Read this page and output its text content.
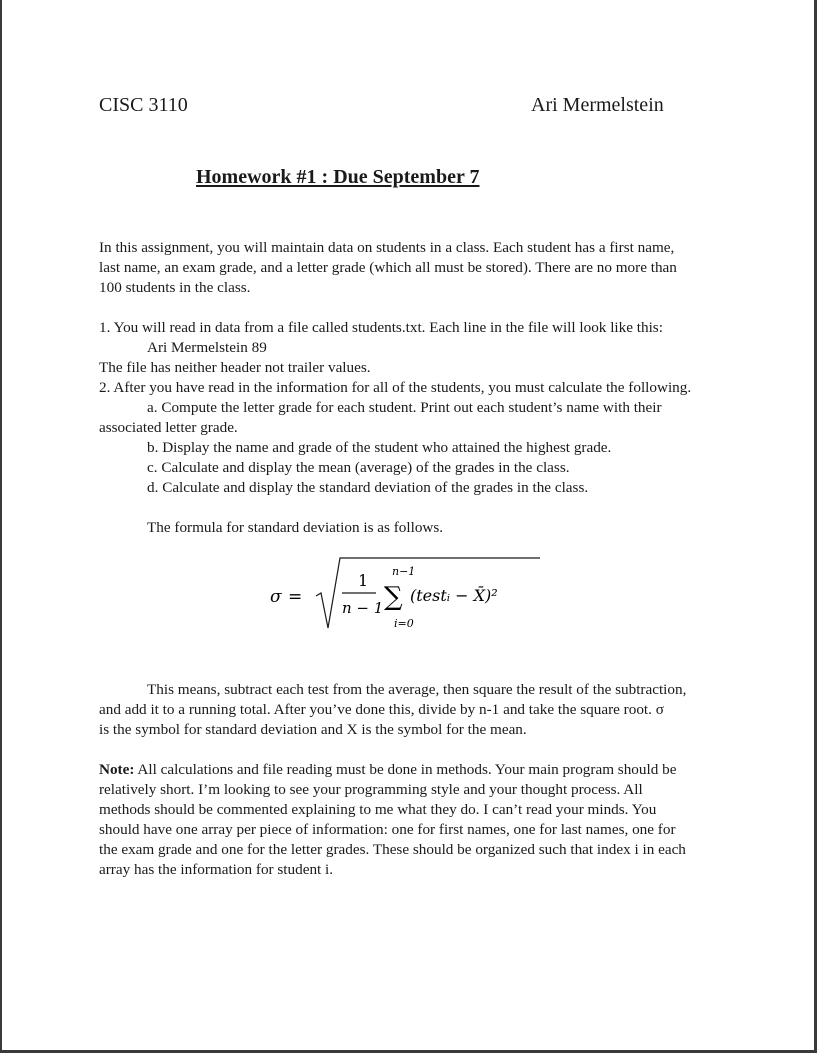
CISC 3110	Ari Mermelstein
Homework #1 : Due September 7
In this assignment, you will maintain data on students in a class. Each student has a first name,
last name, an exam grade, and a letter grade (which all must be stored). There are no more than
100 students in the class.
1. You will read in data from a file called students.txt. Each line in the file will look like this:
Ari Mermelstein 89
The file has neither header not trailer values.
2. After you have read in the information for all of the students, you must calculate the following.
a. Compute the letter grade for each student. Print out each student’s name with their
associated letter grade.
b. Display the name and grade of the student who attained the highest grade.
c. Calculate and display the mean (average) of the grades in the class.
d. Calculate and display the standard deviation of the grades in the class.
The formula for standard deviation is as follows.
σ =
1
n − 1
n−1
∑
i=0
(testᵢ − X̄)²
This means, subtract each test from the average, then square the result of the subtraction,
and add it to a running total. After you’ve done this, divide by n-1 and take the square root. σ
is the symbol for standard deviation and X is the symbol for the mean.
Note: All calculations and file reading must be done in methods. Your main program should be
relatively short. I’m looking to see your programming style and your thought process. All
methods should be commented explaining to me what they do. I can’t read your minds. You
should have one array per piece of information: one for first names, one for last names, one for
the exam grade and one for the letter grades. These should be organized such that index i in each
array has the information for student i.
